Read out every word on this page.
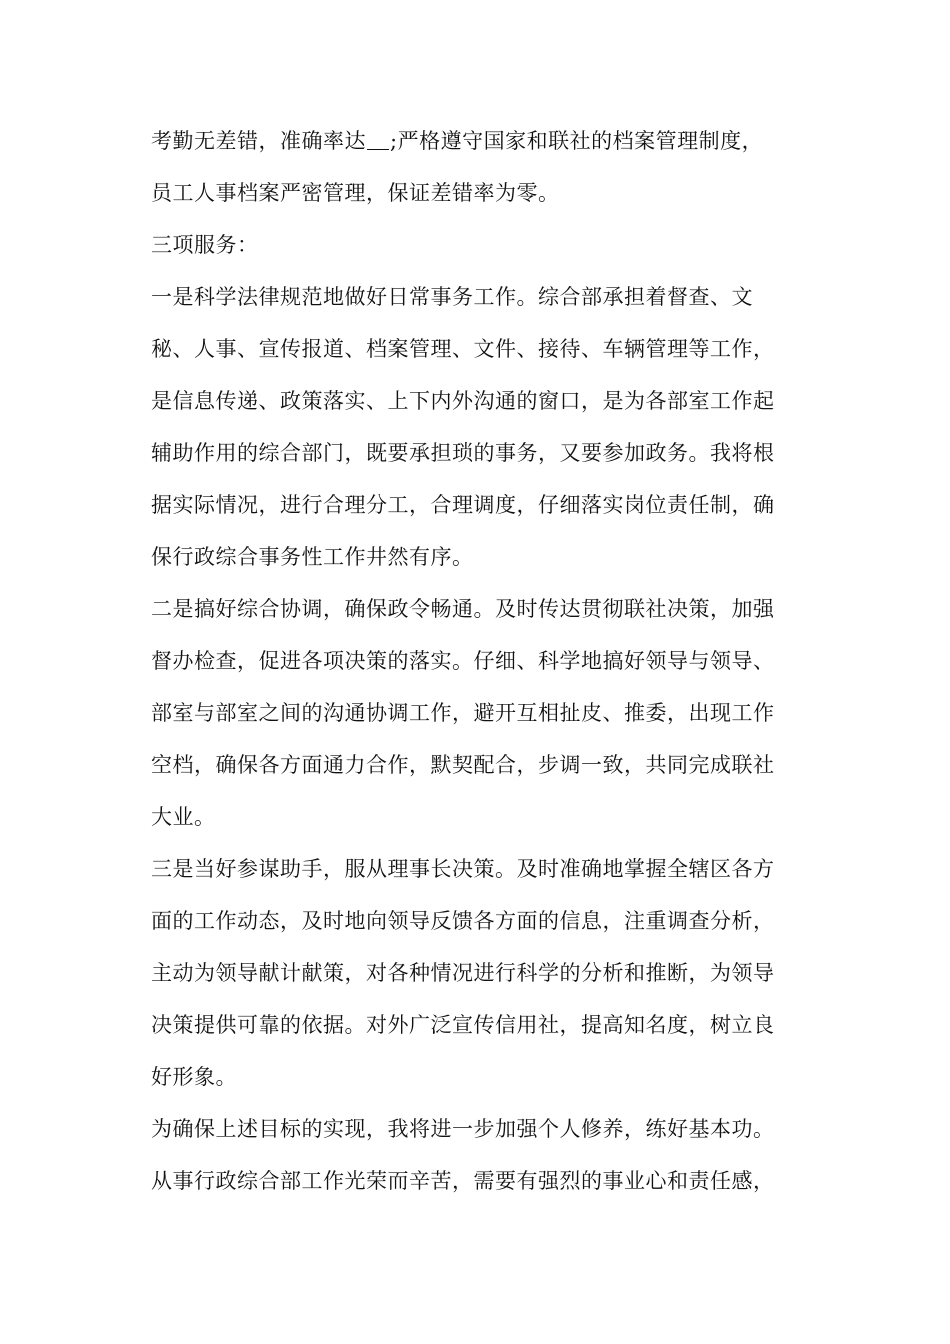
考勤无差错，准确率达 ;严格遵守国家和联社的档案管理制度，
员工人事档案严密管理，保证差错率为零。
三项服务：
一是科学法律规范地做好日常事务工作。综合部承担着督查、文
秘、人事、宣传报道、档案管理、文件、接待、车辆管理等工作，
是信息传递、政策落实、上下内外沟通的窗口，是为各部室工作起
辅助作用的综合部门，既要承担琐的事务，又要参加政务。我将根
据实际情况，进行合理分工，合理调度，仔细落实岗位责任制，确
保行政综合事务性工作井然有序。
二是搞好综合协调，确保政令畅通。及时传达贯彻联社决策，加强
督办检查，促进各项决策的落实。仔细、科学地搞好领导与领导、
部室与部室之间的沟通协调工作，避开互相扯皮、推委，出现工作
空档，确保各方面通力合作，默契配合，步调一致，共同完成联社
大业。
三是当好参谋助手，服从理事长决策。及时准确地掌握全辖区各方
面的工作动态，及时地向领导反馈各方面的信息，注重调查分析，
主动为领导献计献策，对各种情况进行科学的分析和推断，为领导
决策提供可靠的依据。对外广泛宣传信用社，提高知名度，树立良
好形象。
为确保上述目标的实现，我将进一步加强个人修养，练好基本功。
从事行政综合部工作光荣而辛苦，需要有强烈的事业心和责任感，
